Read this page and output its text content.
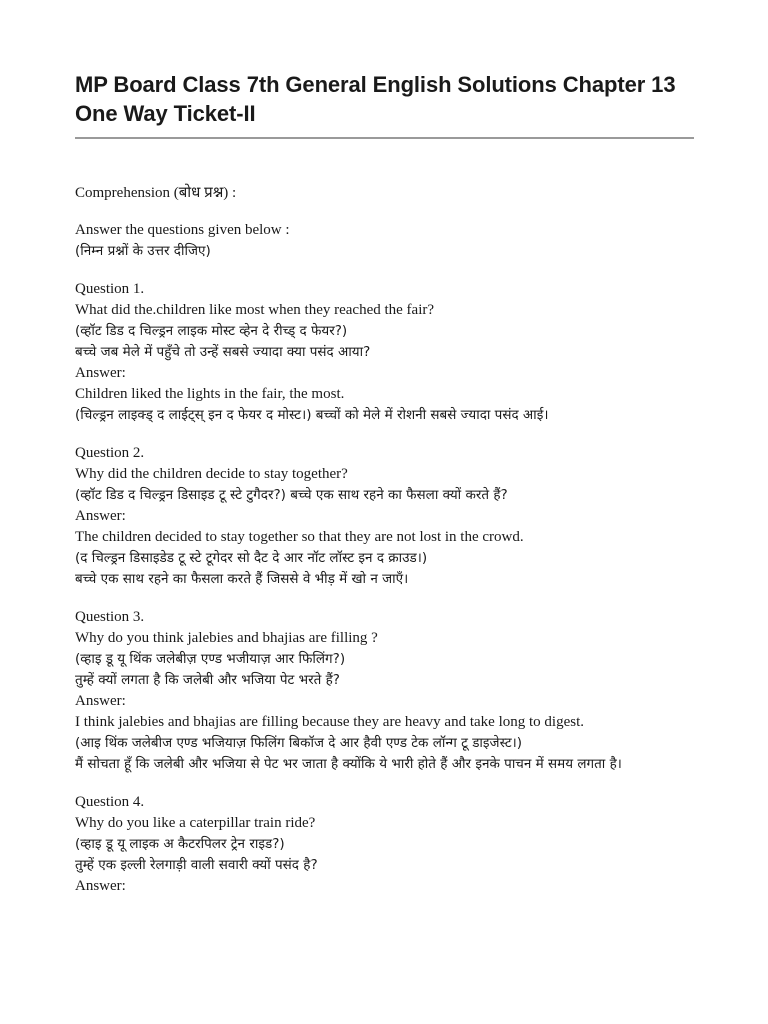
MP Board Class 7th General English Solutions Chapter 13 One Way Ticket-II

Comprehension (बोध प्रश्न) :

Answer the questions given below :

(निम्न प्रश्नों के उत्तर दीजिए)

Question 1.

What did the.children like most when they reached the fair?

(व्हॉट डिड द चिल्ड्रन लाइक मोस्ट व्हेन दे रीच्ड् द फेयर?)

बच्चे जब मेले में पहुँचे तो उन्हें सबसे ज्यादा क्या पसंद आया?

Answer:

Children liked the lights in the fair, the most.

(चिल्ड्रन लाइक्ड् द लाईट्स् इन द फेयर द मोस्ट।) बच्चों को मेले में रोशनी सबसे ज्यादा पसंद आई।

Question 2.

Why did the children decide to stay together?

(व्हॉट डिड द चिल्ड्रन डिसाइड टू स्टे टुगैदर?) बच्चे एक साथ रहने का फैसला क्यों करते हैं?

Answer:

The children decided to stay together so that they are not lost in the crowd.

(द चिल्ड्रन डिसाइडेड टू स्टे टूगेदर सो दैट दे आर नॉट लॉस्ट इन द क्राउड।)

बच्चे एक साथ रहने का फैसला करते हैं जिससे वे भीड़ में खो न जाएँ।

Question 3.

Why do you think jalebies and bhajias are filling ?

(व्हाइ डू यू थिंक जलेबीज़ एण्ड भजीयाज़ आर फिलिंग?)

तुम्हें क्यों लगता है कि जलेबी और भजिया पेट भरते हैं?

Answer:

I think jalebies and bhajias are filling because they are heavy and take long to digest.

(आइ थिंक जलेबीज एण्ड भजियाज़ फिलिंग बिकॉज दे आर हैवी एण्ड टेक लॉन्ग टू डाइजेस्ट।)

मैं सोचता हूँ कि जलेबी और भजिया से पेट भर जाता है क्योंकि ये भारी होते हैं और इनके पाचन में समय लगता है।

Question 4.

Why do you like a caterpillar train ride?

(व्हाइ डू यू लाइक अ कैटरपिलर ट्रेन राइड?)

तुम्हें एक इल्ली रेलगाड़ी वाली सवारी क्यों पसंद है?

Answer:
